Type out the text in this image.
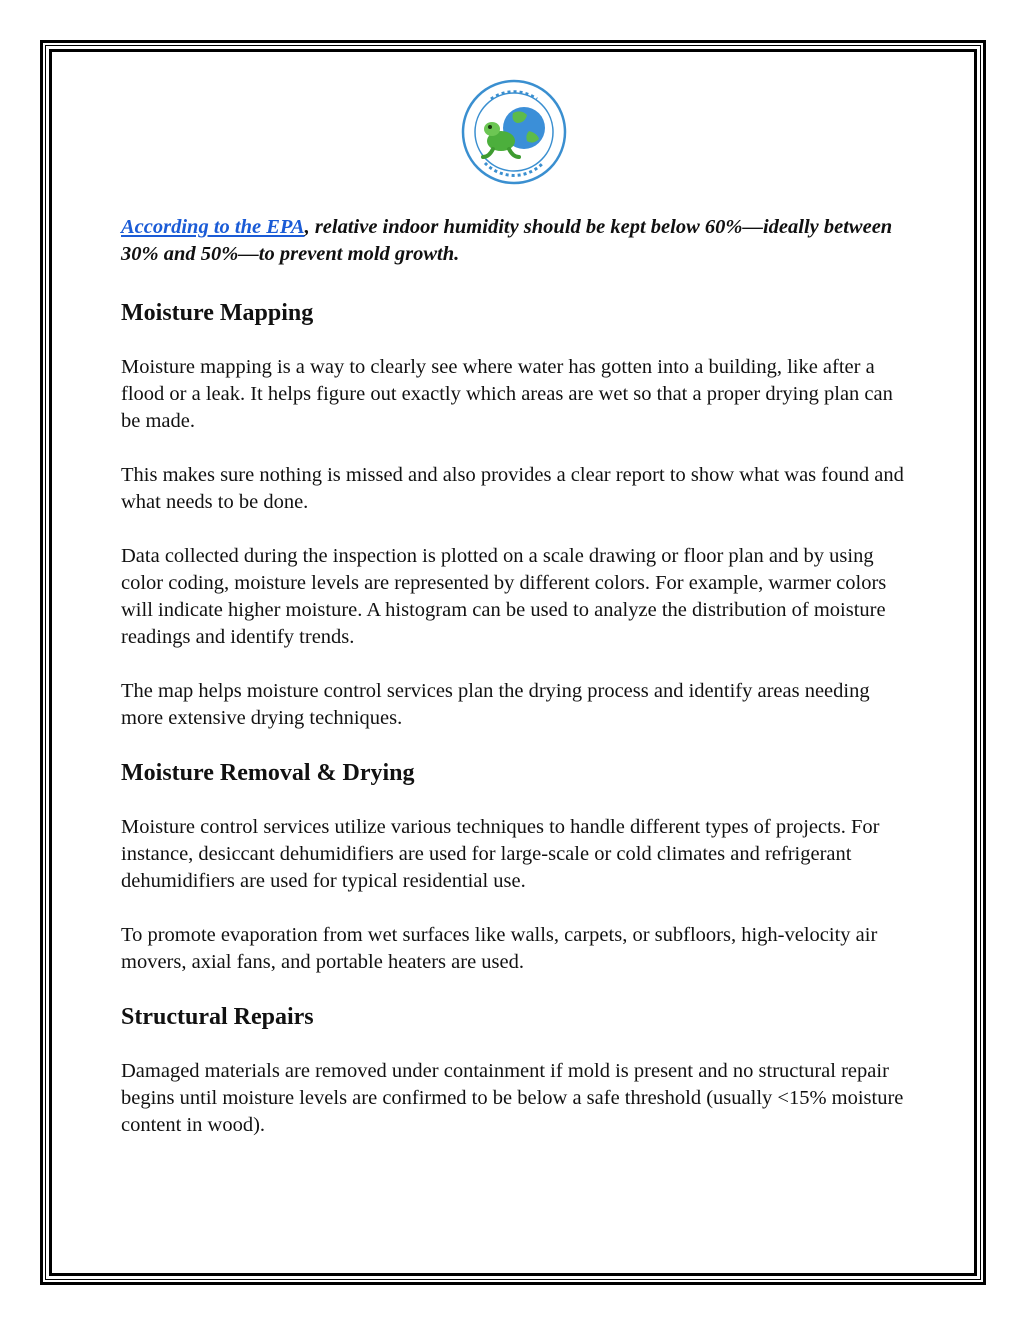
According to the EPA, relative indoor humidity should be kept below 60%—ideally between 30% and 50%—to prevent mold growth.

Moisture Mapping

Moisture mapping is a way to clearly see where water has gotten into a building, like after a flood or a leak. It helps figure out exactly which areas are wet so that a proper drying plan can be made.

This makes sure nothing is missed and also provides a clear report to show what was found and what needs to be done.

Data collected during the inspection is plotted on a scale drawing or floor plan and by using color coding, moisture levels are represented by different colors. For example, warmer colors will indicate higher moisture. A histogram can be used to analyze the distribution of moisture readings and identify trends.

The map helps moisture control services plan the drying process and identify areas needing more extensive drying techniques.

Moisture Removal & Drying

Moisture control services utilize various techniques to handle different types of projects. For instance, desiccant dehumidifiers are used for large-scale or cold climates and refrigerant dehumidifiers are used for typical residential use.

To promote evaporation from wet surfaces like walls, carpets, or subfloors, high-velocity air movers, axial fans, and portable heaters are used.

Structural Repairs

Damaged materials are removed under containment if mold is present and no structural repair begins until moisture levels are confirmed to be below a safe threshold (usually <15% moisture content in wood).
